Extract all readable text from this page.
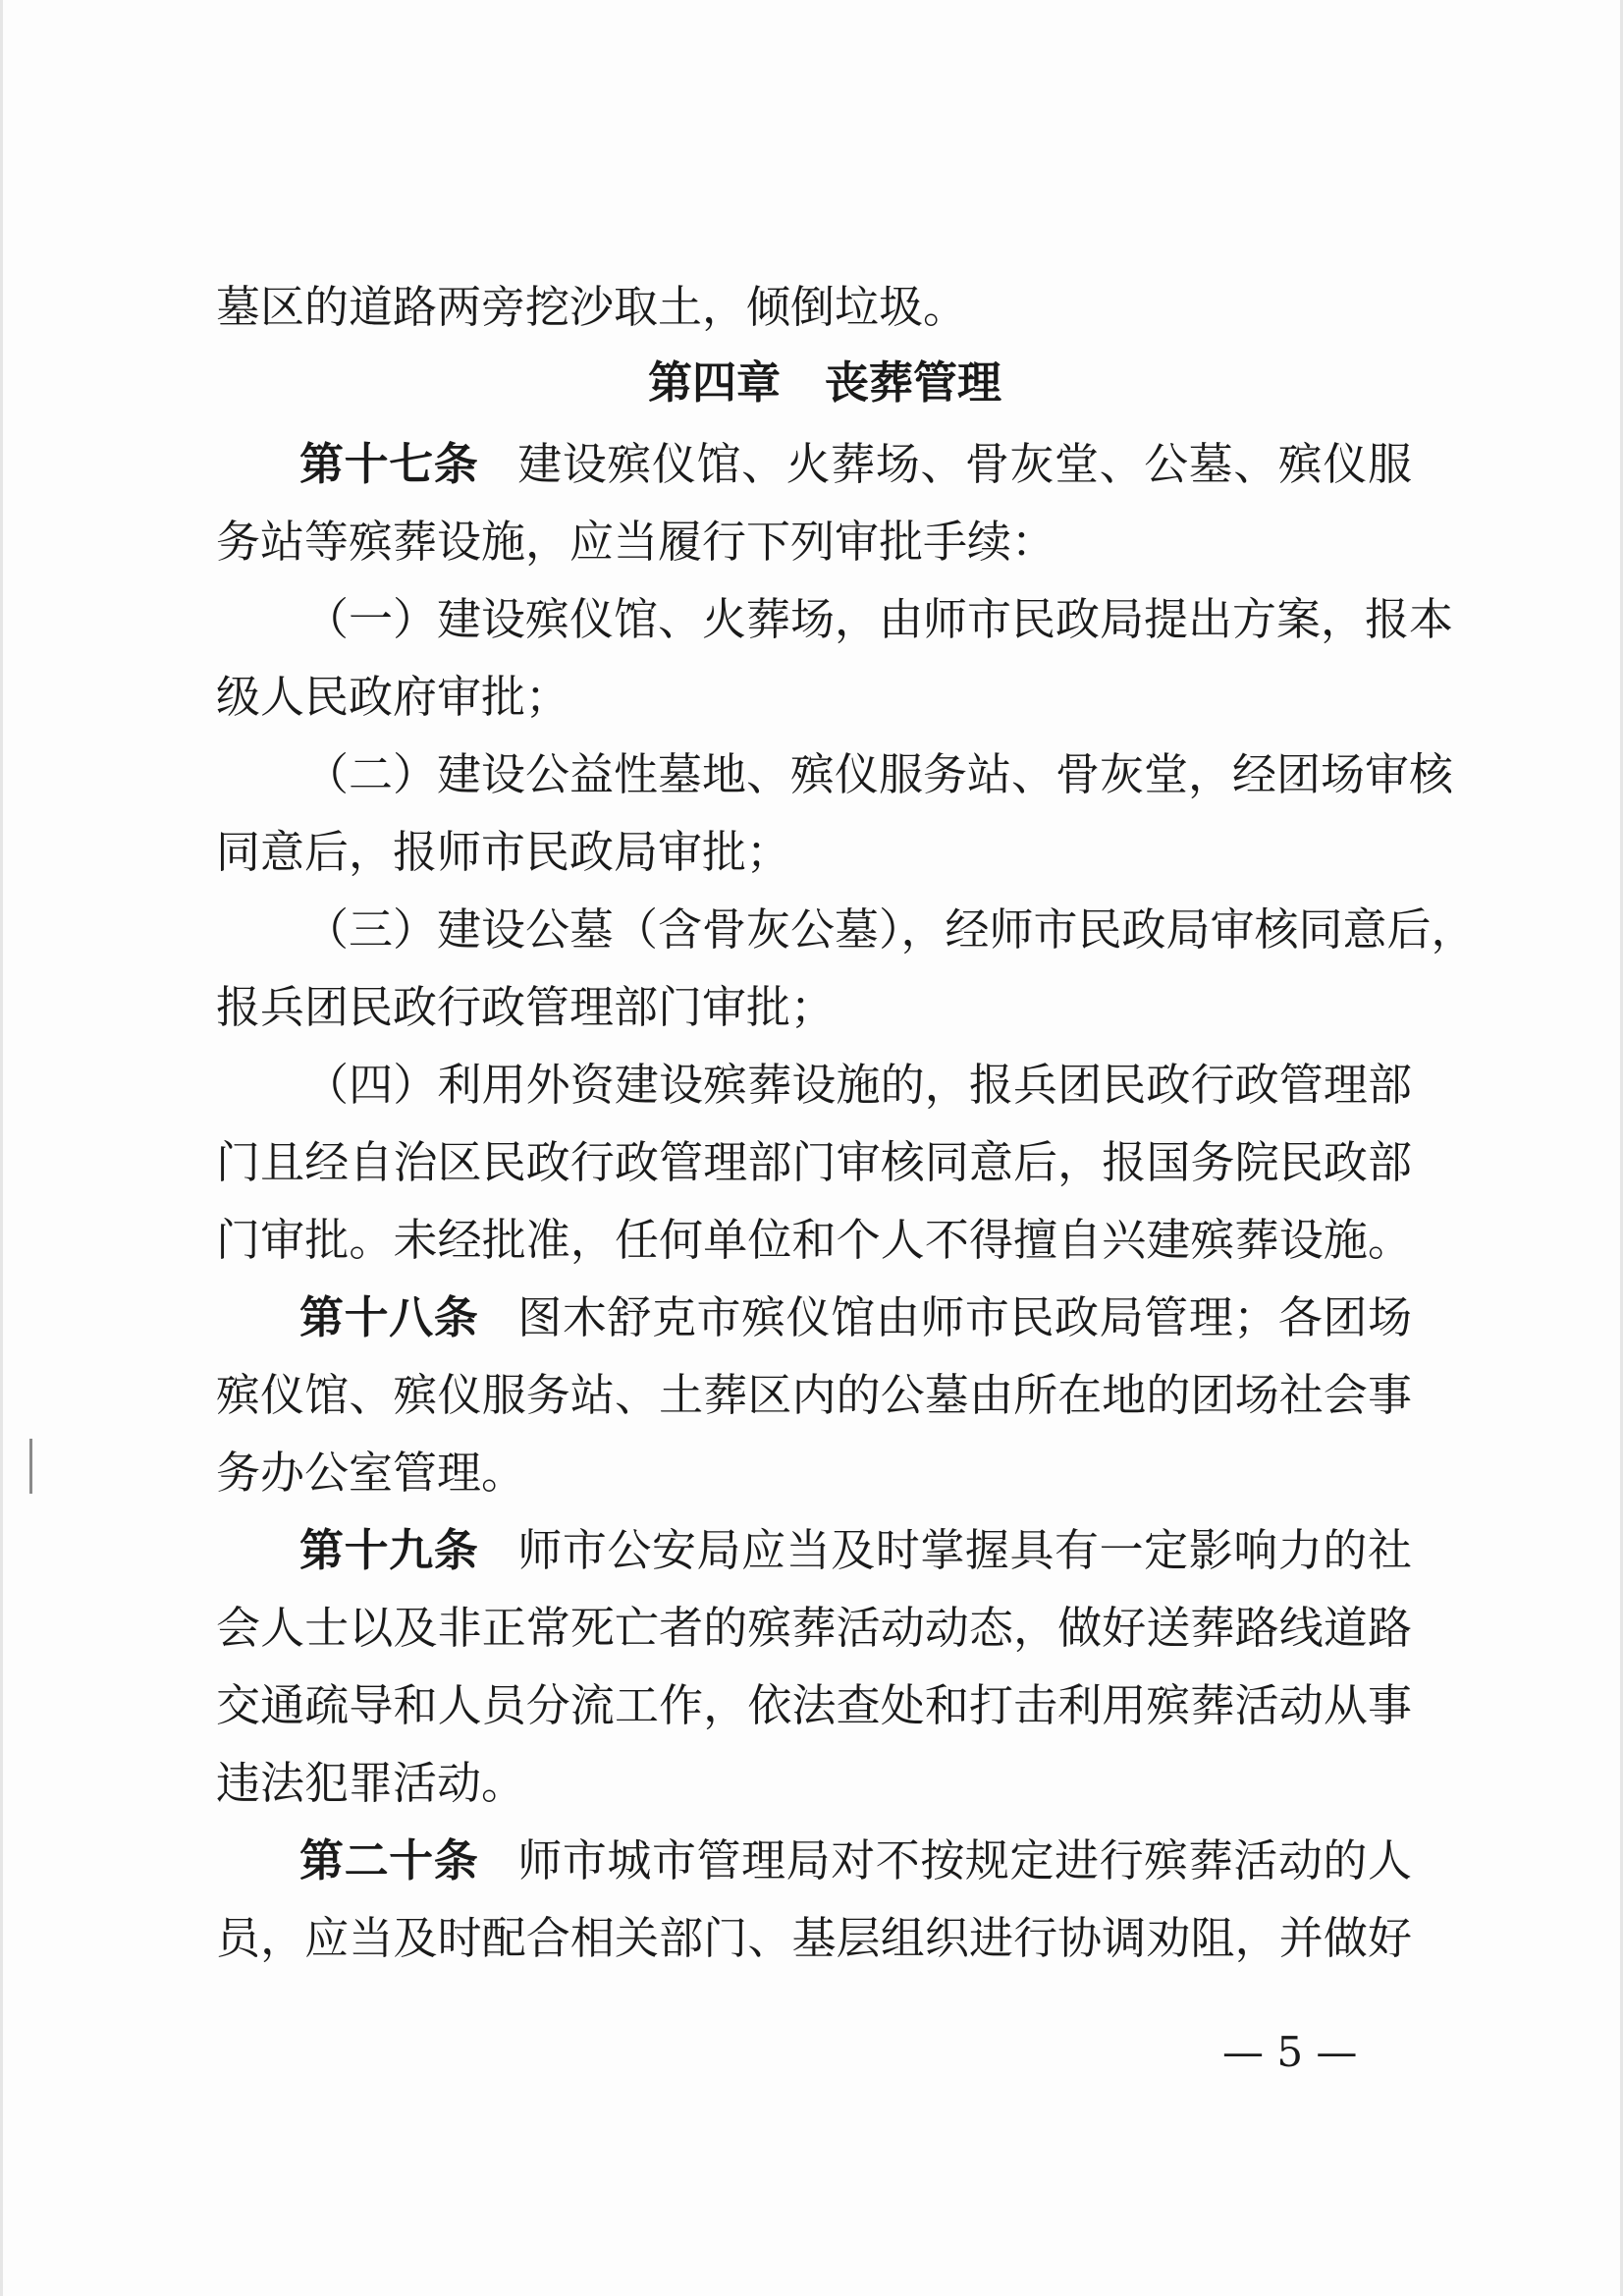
墓区的道路两旁挖沙取土，倾倒垃圾。
第四章 丧葬管理
第十七条 建设殡仪馆、火葬场、骨灰堂、公墓、殡仪服
务站等殡葬设施，应当履行下列审批手续：
（一）建设殡仪馆、火葬场，由师市民政局提出方案，报本
级人民政府审批；
（二）建设公益性墓地、殡仪服务站、骨灰堂，经团场审核
同意后，报师市民政局审批；
（三）建设公墓（含骨灰公墓），经师市民政局审核同意后，
报兵团民政行政管理部门审批；
（四）利用外资建设殡葬设施的，报兵团民政行政管理部
门且经自治区民政行政管理部门审核同意后，报国务院民政部
门审批。未经批准，任何单位和个人不得擅自兴建殡葬设施。
第十八条 图木舒克市殡仪馆由师市民政局管理；各团场
殡仪馆、殡仪服务站、土葬区内的公墓由所在地的团场社会事
务办公室管理。
第十九条 师市公安局应当及时掌握具有一定影响力的社
会人士以及非正常死亡者的殡葬活动动态，做好送葬路线道路
交通疏导和人员分流工作，依法查处和打击利用殡葬活动从事
违法犯罪活动。
第二十条 师市城市管理局对不按规定进行殡葬活动的人
员，应当及时配合相关部门、基层组织进行协调劝阻，并做好
— 5 —
